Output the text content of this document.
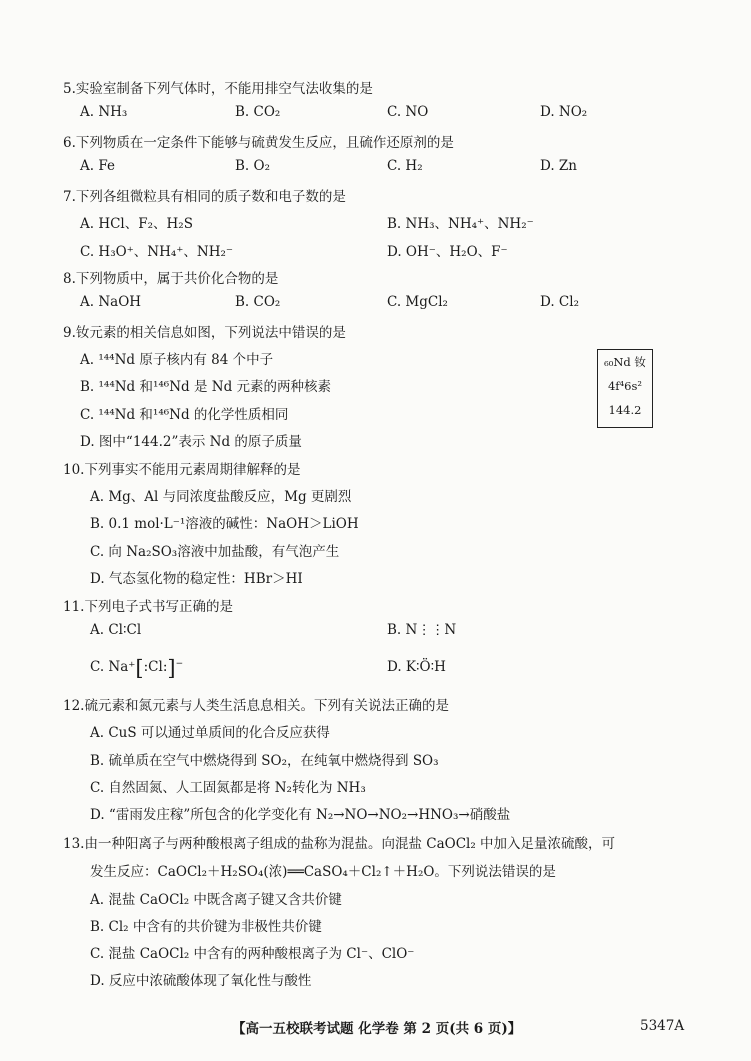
5.实验室制备下列气体时，不能用排空气法收集的是
A. NH₃	B. CO₂	C. NO	D. NO₂
6.下列物质在一定条件下能够与硫黄发生反应，且硫作还原剂的是
A. Fe	B. O₂	C. H₂	D. Zn
7.下列各组微粒具有相同的质子数和电子数的是
A. HCl、F₂、H₂S	B. NH₃、NH₄⁺、NH₂⁻
C. H₃O⁺、NH₄⁺、NH₂⁻	D. OH⁻、H₂O、F⁻
8.下列物质中，属于共价化合物的是
A. NaOH	B. CO₂	C. MgCl₂	D. Cl₂
9.钕元素的相关信息如图，下列说法中错误的是
A. ¹⁴⁴Nd 原子核内有 84 个中子
B. ¹⁴⁴Nd 和¹⁴⁶Nd 是 Nd 元素的两种核素
C. ¹⁴⁴Nd 和¹⁴⁶Nd 的化学性质相同
D. 图中“144.2”表示 Nd 的原子质量
₆₀Nd 钕
4f⁴6s²
144.2
10.下列事实不能用元素周期律解释的是
A. Mg、Al 与同浓度盐酸反应，Mg 更剧烈
B. 0.1 mol·L⁻¹溶液的碱性：NaOH＞LiOH
C. 向 Na₂SO₃溶液中加盐酸，有气泡产生
D. 气态氢化物的稳定性：HBr＞HI
11.下列电子式书写正确的是
A. Cl∶Cl	B. N⋮⋮N
C. Na⁺[:Cl:]−	D. K∶Ö∶H
12.硫元素和氮元素与人类生活息息相关。下列有关说法正确的是
A. CuS 可以通过单质间的化合反应获得
B. 硫单质在空气中燃烧得到 SO₂，在纯氧中燃烧得到 SO₃
C. 自然固氮、人工固氮都是将 N₂转化为 NH₃
D. “雷雨发庄稼”所包含的化学变化有 N₂→NO→NO₂→HNO₃→硝酸盐
13.由一种阳离子与两种酸根离子组成的盐称为混盐。向混盐 CaOCl₂ 中加入足量浓硫酸，可
发生反应：CaOCl₂＋H₂SO₄(浓)══CaSO₄＋Cl₂↑＋H₂O。下列说法错误的是
A. 混盐 CaOCl₂ 中既含离子键又含共价键
B. Cl₂ 中含有的共价键为非极性共价键
C. 混盐 CaOCl₂ 中含有的两种酸根离子为 Cl⁻、ClO⁻
D. 反应中浓硫酸体现了氧化性与酸性
【高一五校联考试题 化学卷 第 2 页(共 6 页)】	5347A
